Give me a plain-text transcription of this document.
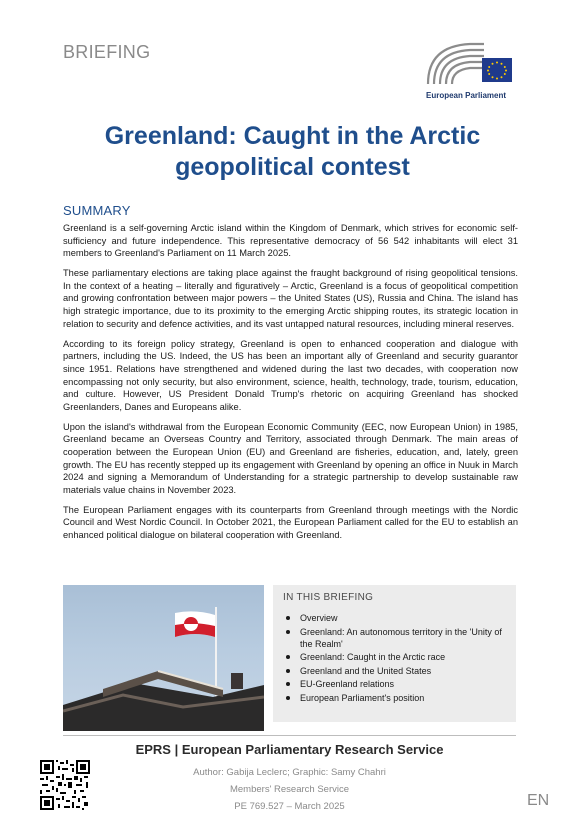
BRIEFING
European Parliament
Greenland: Caught in the Arctic geopolitical contest
SUMMARY

Greenland is a self-governing Arctic island within the Kingdom of Denmark, which strives for economic self-sufficiency and future independence. This representative democracy of 56 542 inhabitants will elect 31 members to Greenland's Parliament on 11 March 2025.

These parliamentary elections are taking place against the fraught background of rising geopolitical tensions. In the context of a heating – literally and figuratively – Arctic, Greenland is a focus of geopolitical competition and growing confrontation between major powers – the United States (US), Russia and China. The island has high strategic importance, due to its proximity to the emerging Arctic shipping routes, its strategic location in relation to security and defence activities, and its vast untapped natural resources, including mineral reserves.

According to its foreign policy strategy, Greenland is open to enhanced cooperation and dialogue with partners, including the US. Indeed, the US has been an important ally of Greenland and security guarantor since 1951. Relations have strengthened and widened during the last two decades, with cooperation now encompassing not only security, but also environment, science, health, technology, trade, tourism, education, and culture. However, US President Donald Trump's rhetoric on acquiring Greenland has shocked Greenlanders, Danes and Europeans alike.

Upon the island's withdrawal from the European Economic Community (EEC, now European Union) in 1985, Greenland became an Overseas Country and Territory, associated through Denmark. The main areas of cooperation between the European Union (EU) and Greenland are fisheries, education, and, lately, green growth. The EU has recently stepped up its engagement with Greenland by opening an office in Nuuk in March 2024 and signing a Memorandum of Understanding for a strategic partnership to develop sustainable raw materials value chains in November 2023.

The European Parliament engages with its counterparts from Greenland through meetings with the Nordic Council and West Nordic Council. In October 2021, the European Parliament called for the EU to establish an enhanced political dialogue on bilateral cooperation with Greenland.

IN THIS BRIEFING
Overview
Greenland: An autonomous territory in the 'Unity of the Realm'
Greenland: Caught in the Arctic race
Greenland and the United States
EU-Greenland relations
European Parliament's position
EPRS | European Parliamentary Research Service
Author: Gabija Leclerc; Graphic: Samy Chahri
Members' Research Service
PE 769.527 – March 2025	EN
